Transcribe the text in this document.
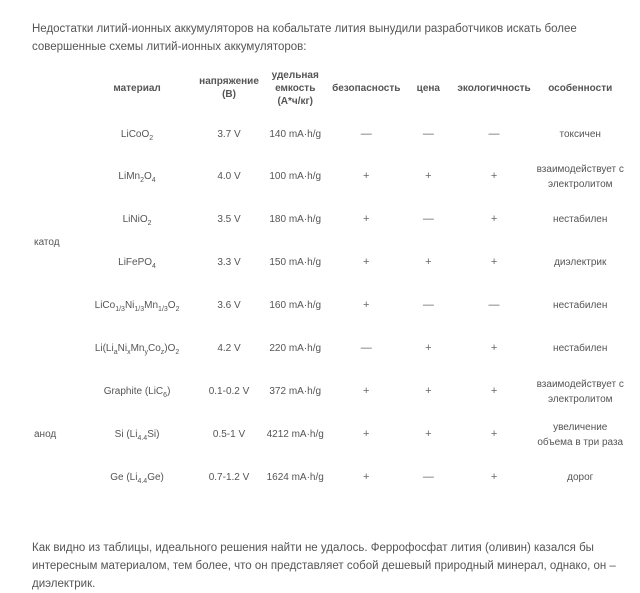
Недостатки литий-ионных аккумуляторов на кобальтате лития вынудили разработчиков искать более совершенные схемы литий-ионных аккумуляторов:

	материал	напряжение (В)	удельная емкость (А*ч/кг)	безопасность	цена	экологичность	особенности
катод	LiCoO$_2$	3.7 V	140 mA·h/g	—	—	—	токсичен
	$LiMn_2O_4$	4.0 V	100 mA·h/g	+	+	+	взаимодействует с электролитом
	LiNiO$_2$	3.5 V	180 mA·h/g	+	—	+	нестабилен
	LiFePO$_4$	3.3 V	150 mA·h/g	+	+	+	диэлектрик
	$LiCo_{1/3}Ni_{1/3}Mn_{1/3}O_2$	3.6 V	160 mA·h/g	+	—	—	нестабилен
	$Li(Li_aNi_xMn_yCo_z)O_2$	4.2 V	220 mA·h/g	—	+	+	нестабилен
анод	Graphite (LiC$_6$)	0.1-0.2 V	372 mA·h/g	+	+	+	взаимодействует с электролитом
	Si $(Li_{4.4}Si)$	0.5-1 V	4212 mA·h/g	+	+	+	увеличение объема в три раза
	Ge $(Li_{4.4}Ge)$	0.7-1.2 V	1624 mA·h/g	+	—	+	дорог

Как видно из таблицы, идеального решения найти не удалось. Феррофосфат лития (оливин) казался бы интересным материалом, тем более, что он представляет собой дешевый природный минерал, однако, он – диэлектрик.
